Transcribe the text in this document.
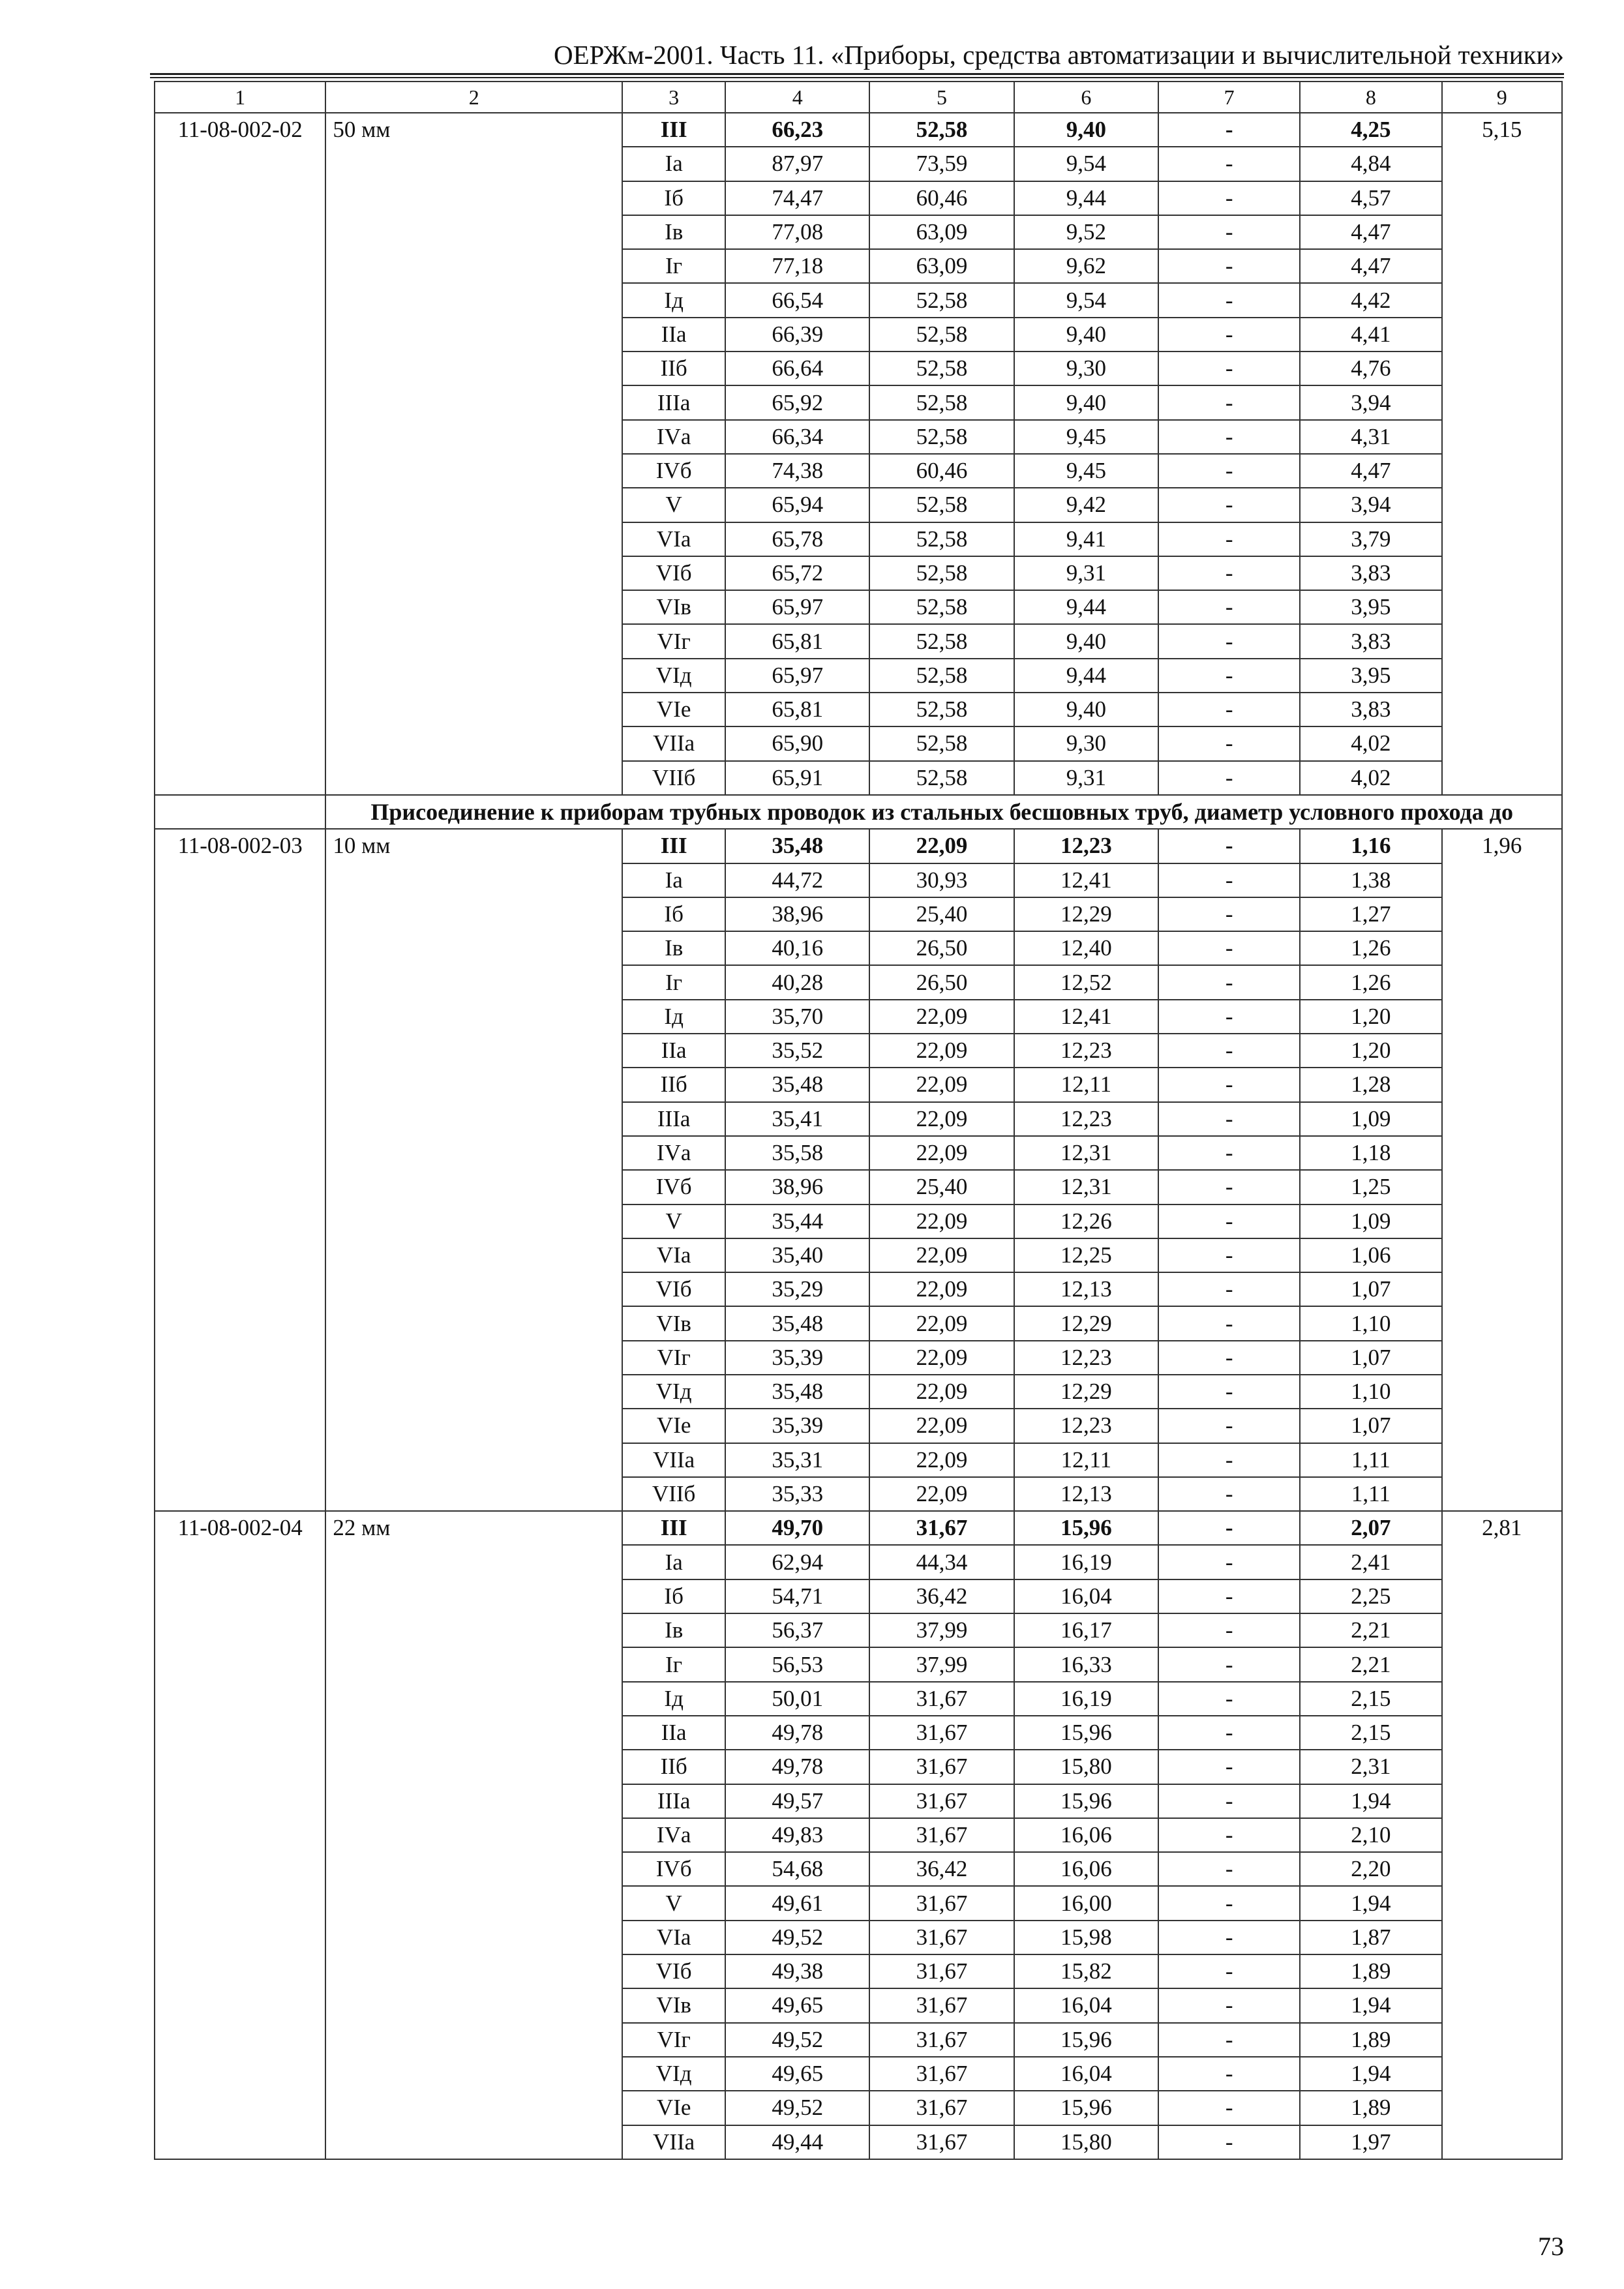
ОЕРЖм-2001. Часть 11. «Приборы, средства автоматизации и вычислительной техники»
1	2	3	4	5	6	7	8	9
11-08-002-02	50 мм	III	66,23	52,58	9,40	-	4,25	5,15
		Iа	87,97	73,59	9,54	-	4,84	
		Iб	74,47	60,46	9,44	-	4,57	
		Iв	77,08	63,09	9,52	-	4,47	
		Iг	77,18	63,09	9,62	-	4,47	
		Iд	66,54	52,58	9,54	-	4,42	
		IIа	66,39	52,58	9,40	-	4,41	
		IIб	66,64	52,58	9,30	-	4,76	
		IIIа	65,92	52,58	9,40	-	3,94	
		IVа	66,34	52,58	9,45	-	4,31	
		IVб	74,38	60,46	9,45	-	4,47	
		V	65,94	52,58	9,42	-	3,94	
		VIа	65,78	52,58	9,41	-	3,79	
		VIб	65,72	52,58	9,31	-	3,83	
		VIв	65,97	52,58	9,44	-	3,95	
		VIг	65,81	52,58	9,40	-	3,83	
		VIд	65,97	52,58	9,44	-	3,95	
		VIе	65,81	52,58	9,40	-	3,83	
		VIIа	65,90	52,58	9,30	-	4,02	
		VIIб	65,91	52,58	9,31	-	4,02	
	Присоединение к приборам трубных проводок из стальных бесшовных труб, диаметр условного прохода до							
11-08-002-03	10 мм	III	35,48	22,09	12,23	-	1,16	1,96
		Iа	44,72	30,93	12,41	-	1,38	
		Iб	38,96	25,40	12,29	-	1,27	
		Iв	40,16	26,50	12,40	-	1,26	
		Iг	40,28	26,50	12,52	-	1,26	
		Iд	35,70	22,09	12,41	-	1,20	
		IIа	35,52	22,09	12,23	-	1,20	
		IIб	35,48	22,09	12,11	-	1,28	
		IIIа	35,41	22,09	12,23	-	1,09	
		IVа	35,58	22,09	12,31	-	1,18	
		IVб	38,96	25,40	12,31	-	1,25	
		V	35,44	22,09	12,26	-	1,09	
		VIа	35,40	22,09	12,25	-	1,06	
		VIб	35,29	22,09	12,13	-	1,07	
		VIв	35,48	22,09	12,29	-	1,10	
		VIг	35,39	22,09	12,23	-	1,07	
		VIд	35,48	22,09	12,29	-	1,10	
		VIе	35,39	22,09	12,23	-	1,07	
		VIIа	35,31	22,09	12,11	-	1,11	
		VIIб	35,33	22,09	12,13	-	1,11	
11-08-002-04	22 мм	III	49,70	31,67	15,96	-	2,07	2,81
		Iа	62,94	44,34	16,19	-	2,41	
		Iб	54,71	36,42	16,04	-	2,25	
		Iв	56,37	37,99	16,17	-	2,21	
		Iг	56,53	37,99	16,33	-	2,21	
		Iд	50,01	31,67	16,19	-	2,15	
		IIа	49,78	31,67	15,96	-	2,15	
		IIб	49,78	31,67	15,80	-	2,31	
		IIIа	49,57	31,67	15,96	-	1,94	
		IVа	49,83	31,67	16,06	-	2,10	
		IVб	54,68	36,42	16,06	-	2,20	
		V	49,61	31,67	16,00	-	1,94	
		VIа	49,52	31,67	15,98	-	1,87	
		VIб	49,38	31,67	15,82	-	1,89	
		VIв	49,65	31,67	16,04	-	1,94	
		VIг	49,52	31,67	15,96	-	1,89	
		VIд	49,65	31,67	16,04	-	1,94	
		VIе	49,52	31,67	15,96	-	1,89	
		VIIа	49,44	31,67	15,80	-	1,97	
73
